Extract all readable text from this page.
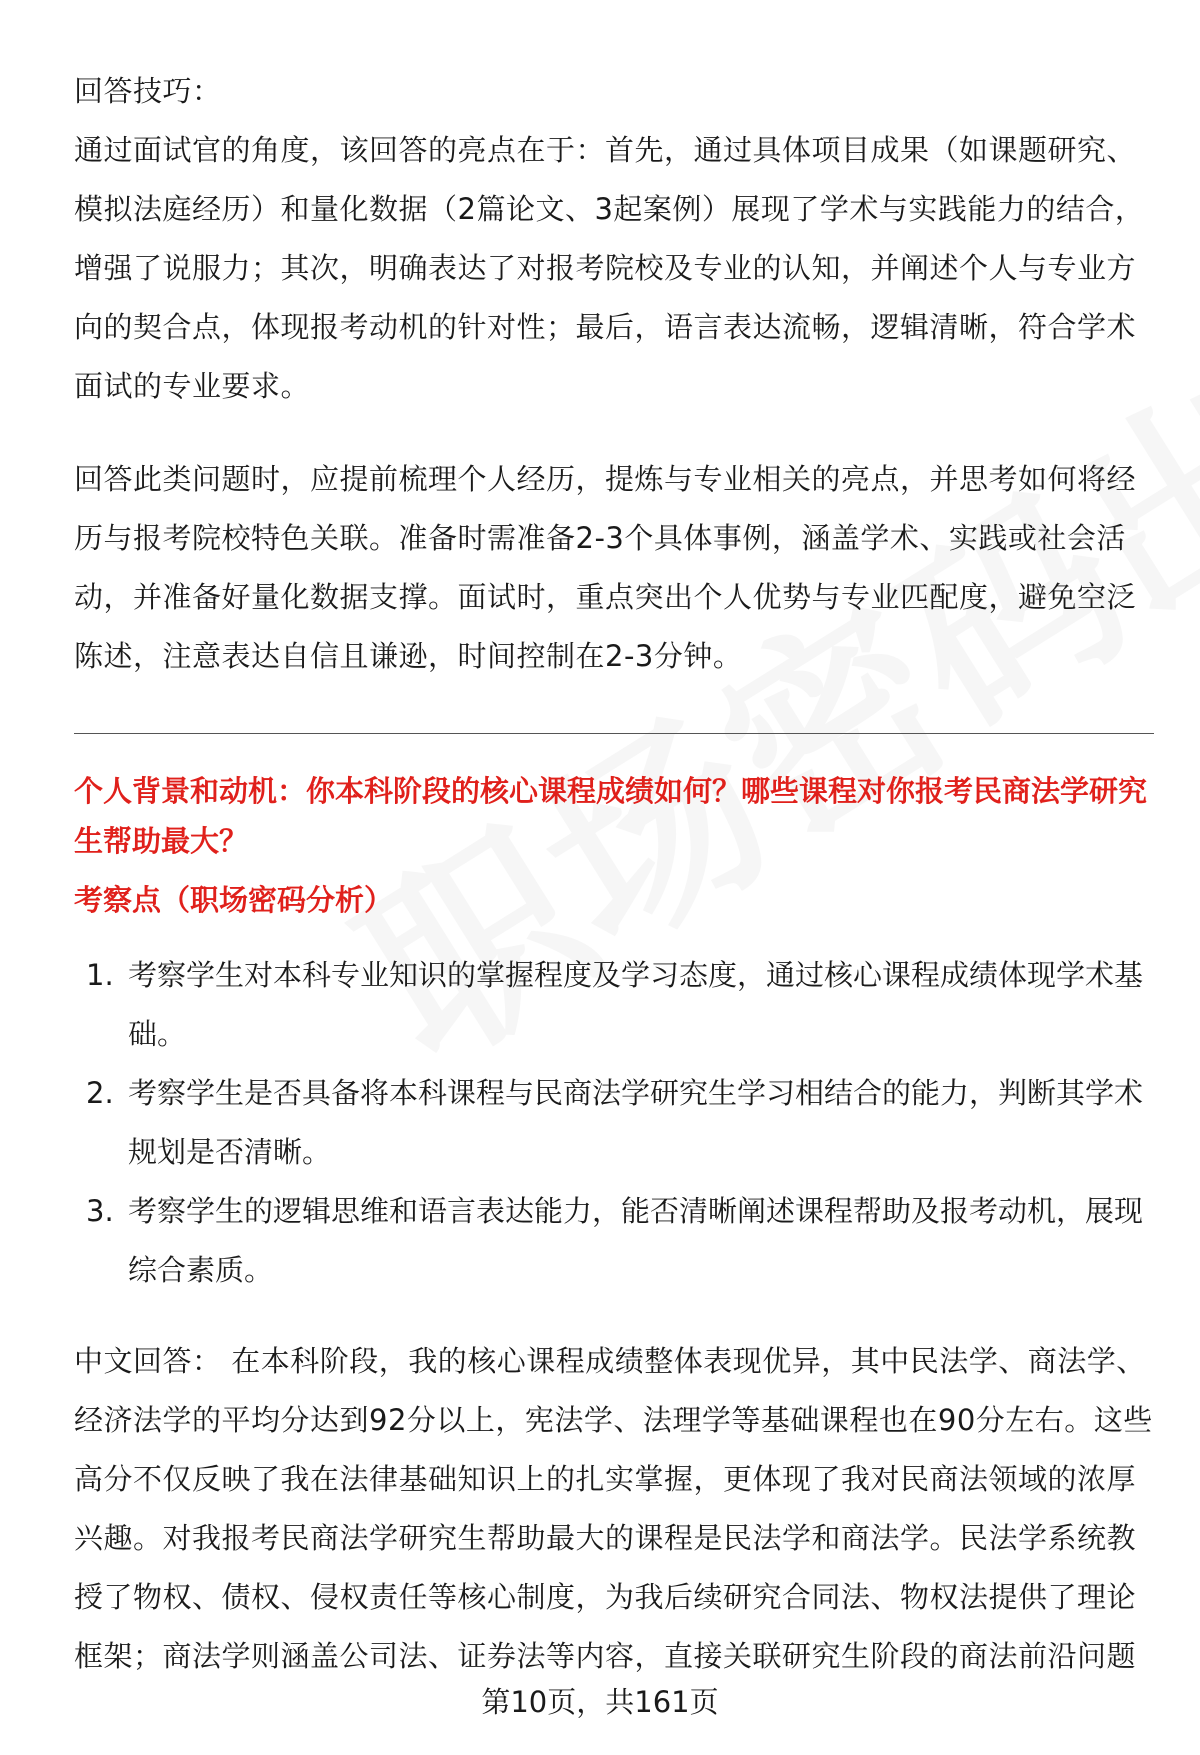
回答技巧：

通过面试官的角度，该回答的亮点在于：首先，通过具体项目成果（如课题研究、模拟法庭经历）和量化数据（2篇论文、3起案例）展现了学术与实践能力的结合，增强了说服力；其次，明确表达了对报考院校及专业的认知，并阐述个人与专业方向的契合点，体现报考动机的针对性；最后，语言表达流畅，逻辑清晰，符合学术面试的专业要求。

回答此类问题时，应提前梳理个人经历，提炼与专业相关的亮点，并思考如何将经历与报考院校特色关联。准备时需准备2-3个具体事例，涵盖学术、实践或社会活动，并准备好量化数据支撑。面试时，重点突出个人优势与专业匹配度，避免空泛陈述，注意表达自信且谦逊，时间控制在2-3分钟。

个人背景和动机：你本科阶段的核心课程成绩如何？哪些课程对你报考民商法学研究生帮助最大？

考察点（职场密码分析）

1. 考察学生对本科专业知识的掌握程度及学习态度，通过核心课程成绩体现学术基础。
2. 考察学生是否具备将本科课程与民商法学研究生学习相结合的能力，判断其学术规划是否清晰。
3. 考察学生的逻辑思维和语言表达能力，能否清晰阐述课程帮助及报考动机，展现综合素质。

中文回答： 在本科阶段，我的核心课程成绩整体表现优异，其中民法学、商法学、经济法学的平均分达到92分以上，宪法学、法理学等基础课程也在90分左右。这些高分不仅反映了我在法律基础知识上的扎实掌握，更体现了我对民商法领域的浓厚兴趣。对我报考民商法学研究生帮助最大的课程是民法学和商法学。民法学系统教授了物权、债权、侵权责任等核心制度，为我后续研究合同法、物权法提供了理论框架；商法学则涵盖公司法、证券法等内容，直接关联研究生阶段的商法前沿问题

第10页，共161页
